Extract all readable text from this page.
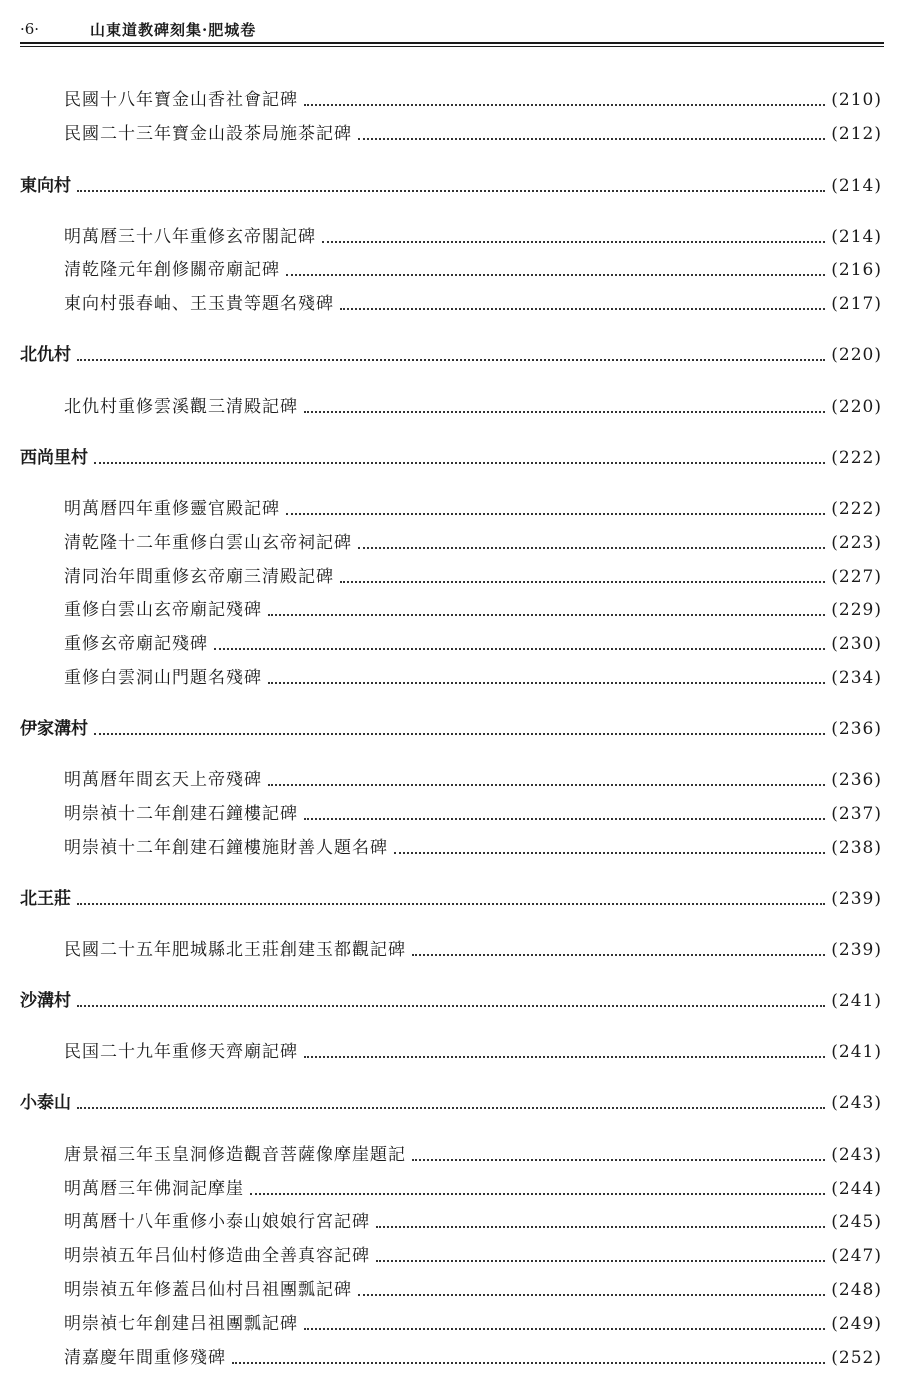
·6·	山東道教碑刻集·肥城卷
民國十八年寶金山香社會記碑	(210)
民國二十三年寶金山設茶局施茶記碑	(212)
東向村	(214)
明萬曆三十八年重修玄帝閣記碑	(214)
清乾隆元年創修關帝廟記碑	(216)
東向村張春岫、王玉貴等題名殘碑	(217)
北仇村	(220)
北仇村重修雲溪觀三清殿記碑	(220)
西尚里村	(222)
明萬曆四年重修靈官殿記碑	(222)
清乾隆十二年重修白雲山玄帝祠記碑	(223)
清同治年間重修玄帝廟三清殿記碑	(227)
重修白雲山玄帝廟記殘碑	(229)
重修玄帝廟記殘碑	(230)
重修白雲洞山門題名殘碑	(234)
伊家溝村	(236)
明萬曆年間玄天上帝殘碑	(236)
明崇禎十二年創建石鐘樓記碑	(237)
明崇禎十二年創建石鐘樓施財善人題名碑	(238)
北王莊	(239)
民國二十五年肥城縣北王莊創建玉都觀記碑	(239)
沙溝村	(241)
民国二十九年重修天齊廟記碑	(241)
小泰山	(243)
唐景福三年玉皇洞修造觀音菩薩像摩崖題記	(243)
明萬曆三年佛洞記摩崖	(244)
明萬曆十八年重修小泰山娘娘行宮記碑	(245)
明崇禎五年吕仙村修造曲全善真容記碑	(247)
明崇禎五年修蓋吕仙村吕祖團瓢記碑	(248)
明崇禎七年創建吕祖團瓢記碑	(249)
清嘉慶年間重修殘碑	(252)
